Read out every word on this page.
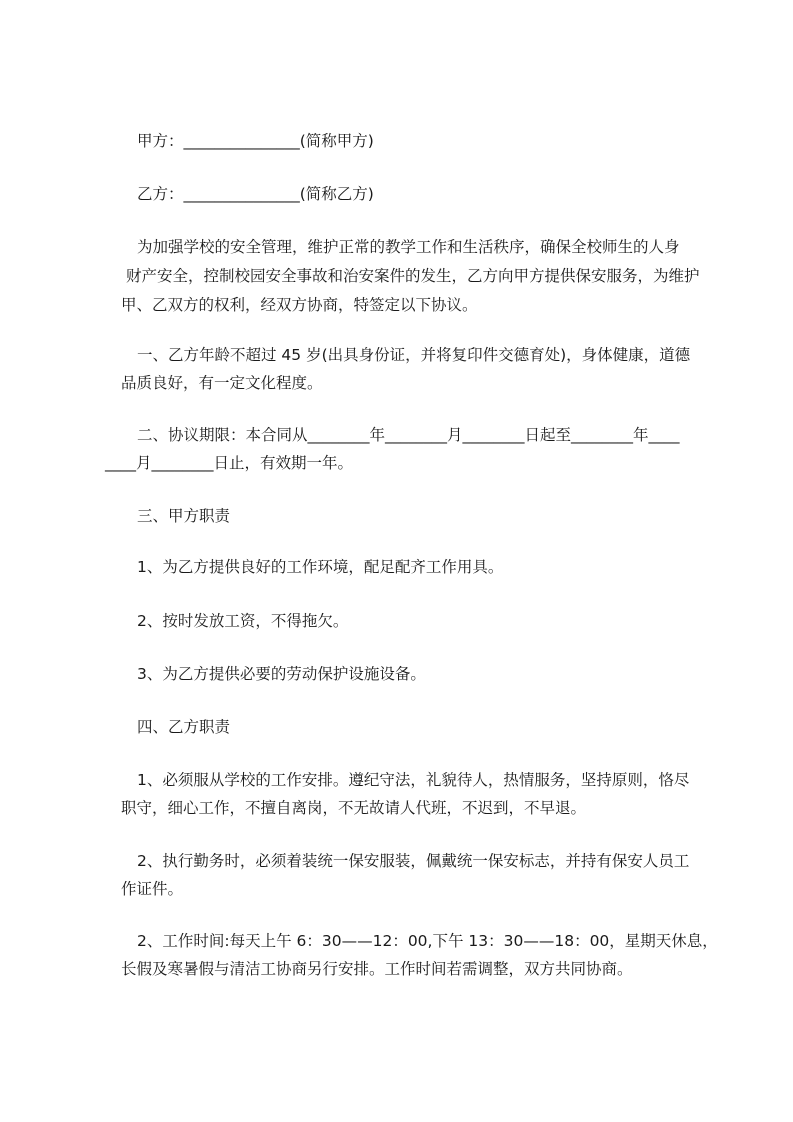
甲方：_______________(简称甲方)
乙方：_______________(简称乙方)
为加强学校的安全管理，维护正常的教学工作和生活秩序，确保全校师生的人身
财产安全，控制校园安全事故和治安案件的发生，乙方向甲方提供保安服务，为维护
甲、乙双方的权利，经双方协商，特签定以下协议。
一、乙方年龄不超过 45 岁(出具身份证，并将复印件交德育处)，身体健康，道德
品质良好，有一定文化程度。
二、协议期限：本合同从________年________月________日起至________年____
____月________日止，有效期一年。
三、甲方职责
1、为乙方提供良好的工作环境，配足配齐工作用具。
2、按时发放工资，不得拖欠。
3、为乙方提供必要的劳动保护设施设备。
四、乙方职责
1、必须服从学校的工作安排。遵纪守法，礼貌待人，热情服务，坚持原则，恪尽
职守，细心工作，不擅自离岗，不无故请人代班，不迟到，不早退。
2、执行勤务时，必须着装统一保安服装，佩戴统一保安标志，并持有保安人员工
作证件。
2、工作时间:每天上午 6：30——12：00,下午 13：30——18：00，星期天休息，
长假及寒暑假与清洁工协商另行安排。工作时间若需调整，双方共同协商。
